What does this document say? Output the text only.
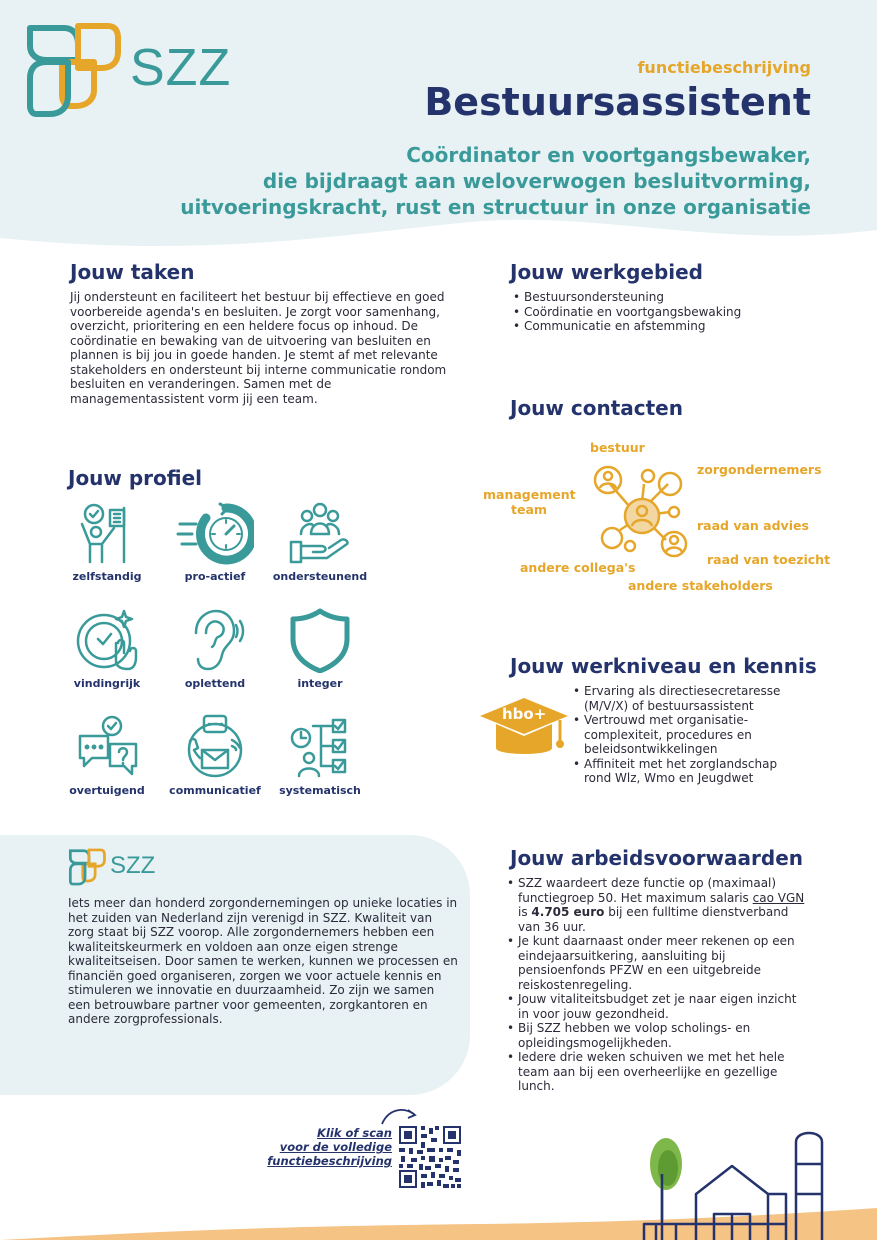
SZZ	functiebeschrijving
Bestuursassistent
Coördinator en voortgangsbewaker,
die bijdraagt aan weloverwogen besluitvorming,
uitvoeringskracht, rust en structuur in onze organisatie
Jouw taken
Jij ondersteunt en faciliteert het bestuur bij effectieve en goed voorbereide agenda's en besluiten. Je zorgt voor samenhang, overzicht, prioritering en een heldere focus op inhoud. De coördinatie en bewaking van de uitvoering van besluiten en plannen is bij jou in goede handen. Je stemt af met relevante stakeholders en ondersteunt bij interne communicatie rondom besluiten en veranderingen. Samen met de managementassistent vorm jij een team.
Jouw werkgebied
• Bestuursondersteuning
• Coördinatie en voortgangsbewaking
• Communicatie en afstemming
Jouw contacten
bestuur
zorgondernemers
management
team
raad van advies
raad van toezicht
andere collega's
andere stakeholders
Jouw profiel
zelfstandig	pro-actief	ondersteunend
vindingrijk	oplettend	integer
overtuigend	communicatief	systematisch
Jouw werkniveau en kennis
hbo+
• Ervaring als directiesecretaresse (M/V/X) of bestuursassistent
• Vertrouwd met organisatie-complexiteit, procedures en beleidsontwikkelingen
• Affiniteit met het zorglandschap rond Wlz, Wmo en Jeugdwet
SZZ
Iets meer dan honderd zorgondernemingen op unieke locaties in het zuiden van Nederland zijn verenigd in SZZ. Kwaliteit van zorg staat bij SZZ voorop. Alle zorgondernemers hebben een kwaliteitskeurmerk en voldoen aan onze eigen strenge kwaliteitseisen. Door samen te werken, kunnen we processen en financiën goed organiseren, zorgen we voor actuele kennis en stimuleren we innovatie en duurzaamheid. Zo zijn we samen een betrouwbare partner voor gemeenten, zorgkantoren en andere zorgprofessionals.
Jouw arbeidsvoorwaarden
• SZZ waardeert deze functie op (maximaal) functiegroep 50. Het maximum salaris cao VGN is 4.705 euro bij een fulltime dienstverband van 36 uur.
• Je kunt daarnaast onder meer rekenen op een eindejaarsuitkering, aansluiting bij pensioenfonds PFZW en een uitgebreide reiskostenregeling.
• Jouw vitaliteitsbudget zet je naar eigen inzicht in voor jouw gezondheid.
• Bij SZZ hebben we volop scholings- en opleidingsmogelijkheden.
• Iedere drie weken schuiven we met het hele team aan bij een overheerlijke en gezellige lunch.
Klik of scan
voor de volledige
functiebeschrijving
